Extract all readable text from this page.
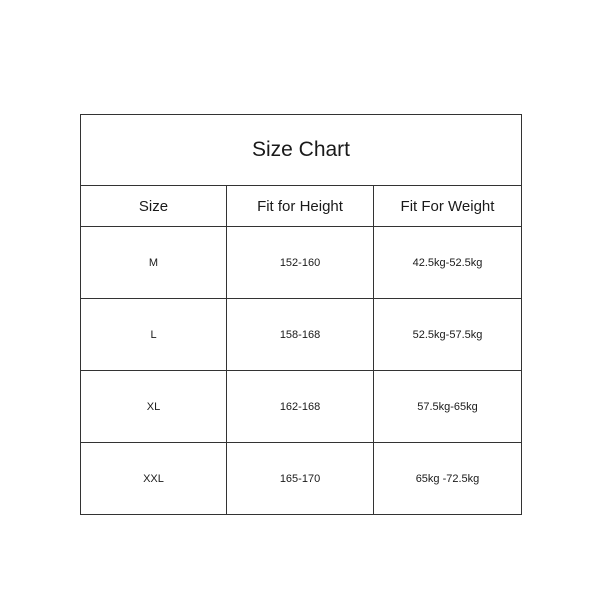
Size Chart		
Size	Fit for Height	Fit For Weight
M	152-160	42.5kg-52.5kg
L	158-168	52.5kg-57.5kg
XL	162-168	57.5kg-65kg
XXL	165-170	65kg -72.5kg
